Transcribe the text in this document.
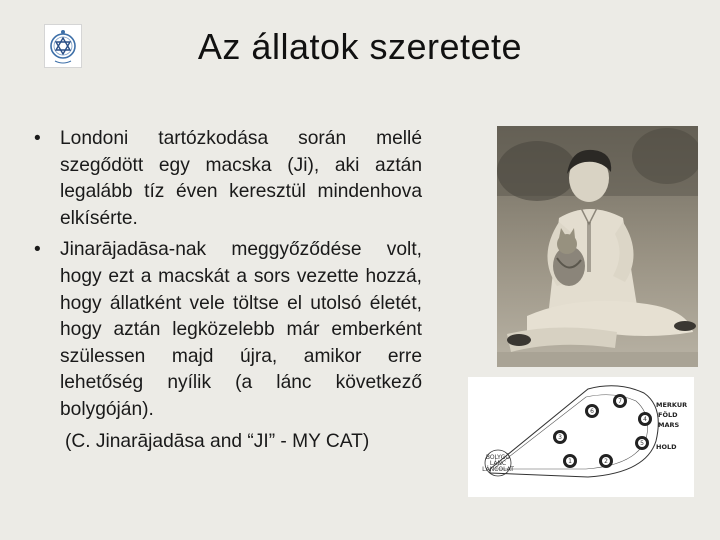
Az állatok szeretete

• Londoni tartózkodása során mellé szegődött egy macska (Ji), aki aztán legalább tíz éven keresztül mindenhova elkísérte.

• Jinarājadāsa-nak meggyőződése volt, hogy ezt a macskát a sors vezette hozzá, hogy állatként vele töltse el utolsó életét, hogy aztán legközelebb már emberként szülessen majd újra, amikor erre lehetőség nyílik (a lánc következő bolygóján).

(C. Jinarājadāsa and “JI” - MY CAT)
6
7
4
2
1
3
5
BOLYGÓ
LÁNC
LÁNCOLAT
MERKUR
FÖLD
MARS
HOLD
